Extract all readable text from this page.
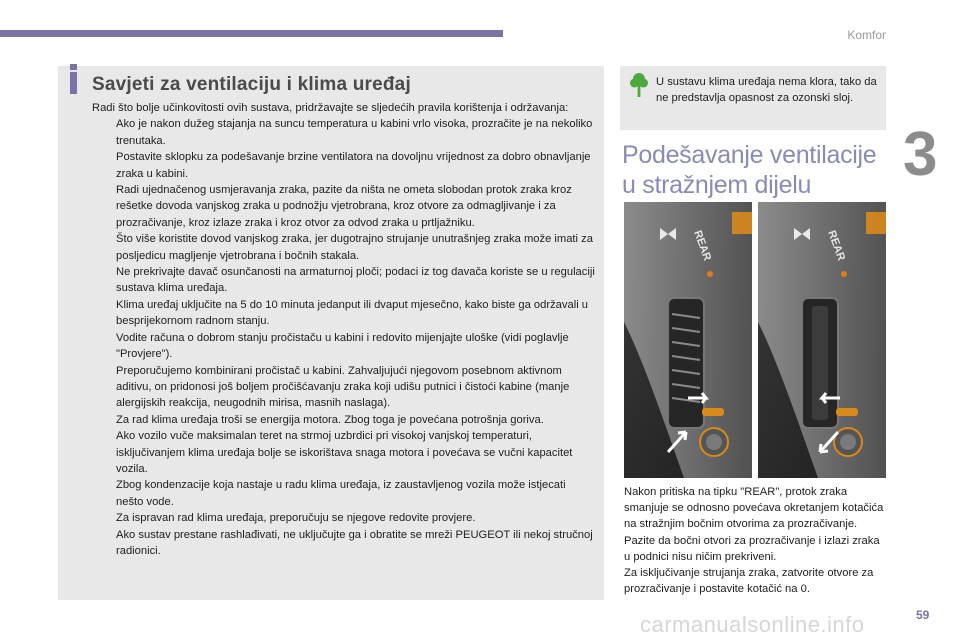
Komfor
3
Savjeti za ventilaciju i klima uređaj

Radi što bolje učinkovitosti ovih sustava, pridržavajte se sljedećih pravila korištenja i održavanja:

Ako je nakon dužeg stajanja na suncu temperatura u kabini vrlo visoka, prozračite je na nekoliko trenutaka.
Postavite sklopku za podešavanje brzine ventilatora na dovoljnu vrijednost za dobro obnavljanje zraka u kabini.
Radi ujednačenog usmjeravanja zraka, pazite da ništa ne ometa slobodan protok zraka kroz rešetke dovoda vanjskog zraka u podnožju vjetrobrana, kroz otvore za odmagljivanje i za prozračivanje, kroz izlaze zraka i kroz otvor za odvod zraka u prtljažniku.
Što više koristite dovod vanjskog zraka, jer dugotrajno strujanje unutrašnjeg zraka može imati za posljedicu magljenje vjetrobrana i bočnih stakala.
Ne prekrivajte davač osunčanosti na armaturnoj ploči; podaci iz tog davača koriste se u regulaciji sustava klima uređaja.
Klima uređaj uključite na 5 do 10 minuta jedanput ili dvaput mjesečno, kako biste ga održavali u besprijekornom radnom stanju.
Vodite računa o dobrom stanju pročistaču u kabini i redovito mijenjajte uloške (vidi poglavlje "Provjere").
Preporučujemo kombinirani pročistač u kabini. Zahvaljujući njegovom posebnom aktivnom aditivu, on pridonosi još boljem pročišćavanju zraka koji udišu putnici i čistoći kabine (manje alergijskih reakcija, neugodnih mirisa, masnih naslaga).
Za rad klima uređaja troši se energija motora. Zbog toga je povećana potrošnja goriva.
Ako vozilo vuče maksimalan teret na strmoj uzbrdici pri visokoj vanjskoj temperaturi, isključivanjem klima uređaja bolje se iskorištava snaga motora i povećava se vučni kapacitet vozila.
Zbog kondenzacije koja nastaje u radu klima uređaja, iz zaustavljenog vozila može istjecati nešto vode.
Za ispravan rad klima uređaja, preporučuju se njegove redovite provjere.
Ako sustav prestane rashlađivati, ne uključujte ga i obratite se mreži PEUGEOT ili nekoj stručnoj radionici.
U sustavu klima uređaja nema klora, tako da ne predstavlja opasnost za ozonski sloj.
Podešavanje ventilacije u stražnjem dijelu
REAR	REAR

Nakon pritiska na tipku "REAR", protok zraka smanjuje se odnosno povećava okretanjem kotačića na stražnjim bočnim otvorima za prozračivanje.

Pazite da bočni otvori za prozračivanje i izlazi zraka u podnici nisu ničim prekriveni.

Za isključivanje strujanja zraka, zatvorite otvore za prozračivanje i postavite kotačić na 0.

59
carmanualsonline.info
